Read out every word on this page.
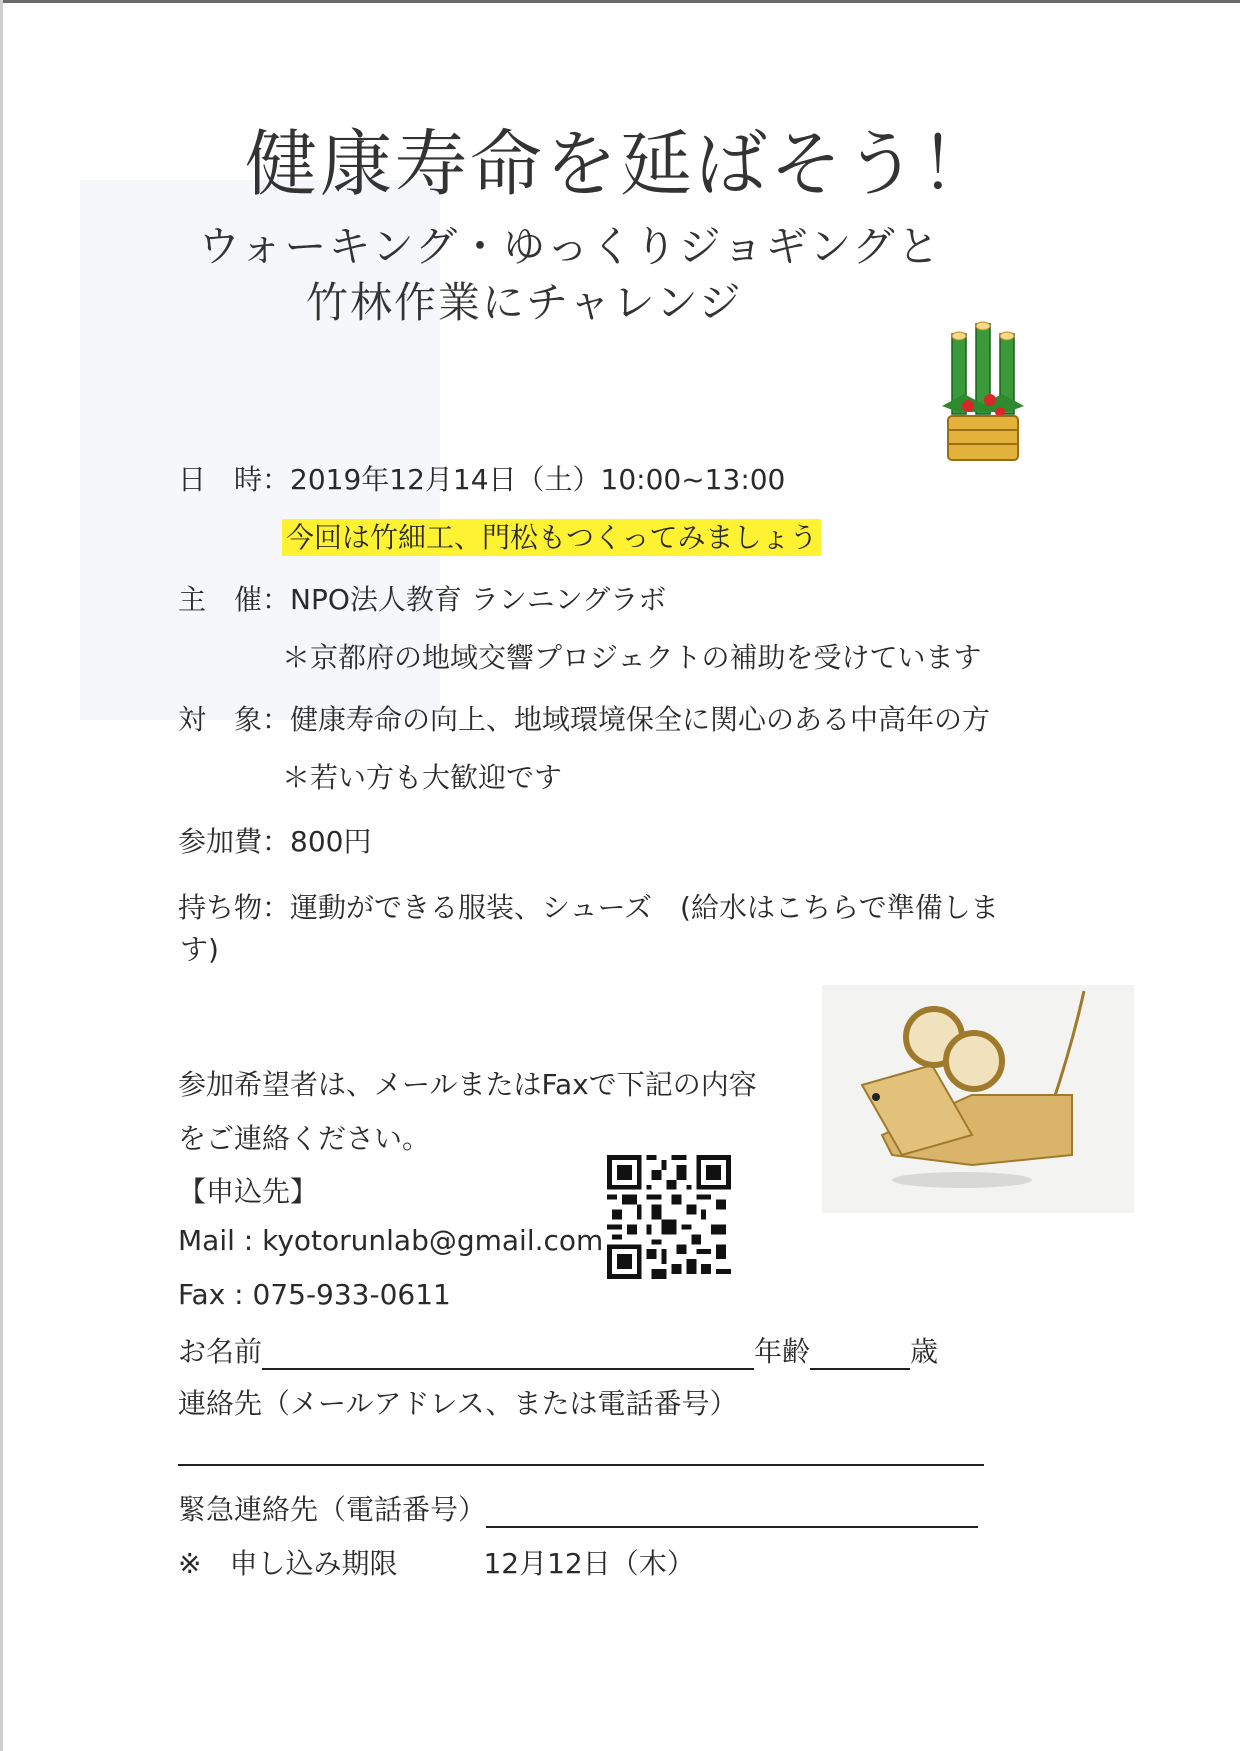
健康寿命を延ばそう！
ウォーキング・ゆっくりジョギングと
竹林作業にチャレンジ
日　時：2019年12月14日（土）10:00~13:00
今回は竹細工、門松もつくってみましょう
主　催：NPO法人教育 ランニングラボ
＊京都府の地域交響プロジェクトの補助を受けています
対　象：健康寿命の向上、地域環境保全に関心のある中高年の方
＊若い方も大歓迎です
参加費：800円
持ち物：運動ができる服装、シューズ　(給水はこちらで準備しま
す)
参加希望者は、メールまたはFaxで下記の内容
をご連絡ください。
【申込先】
Mail : kyotorunlab@gmail.com
Fax : 075-933-0611
お名前	年齢	歳
連絡先（メールアドレス、または電話番号）
緊急連絡先（電話番号）
※ 申し込み期限	12月12日（木）
